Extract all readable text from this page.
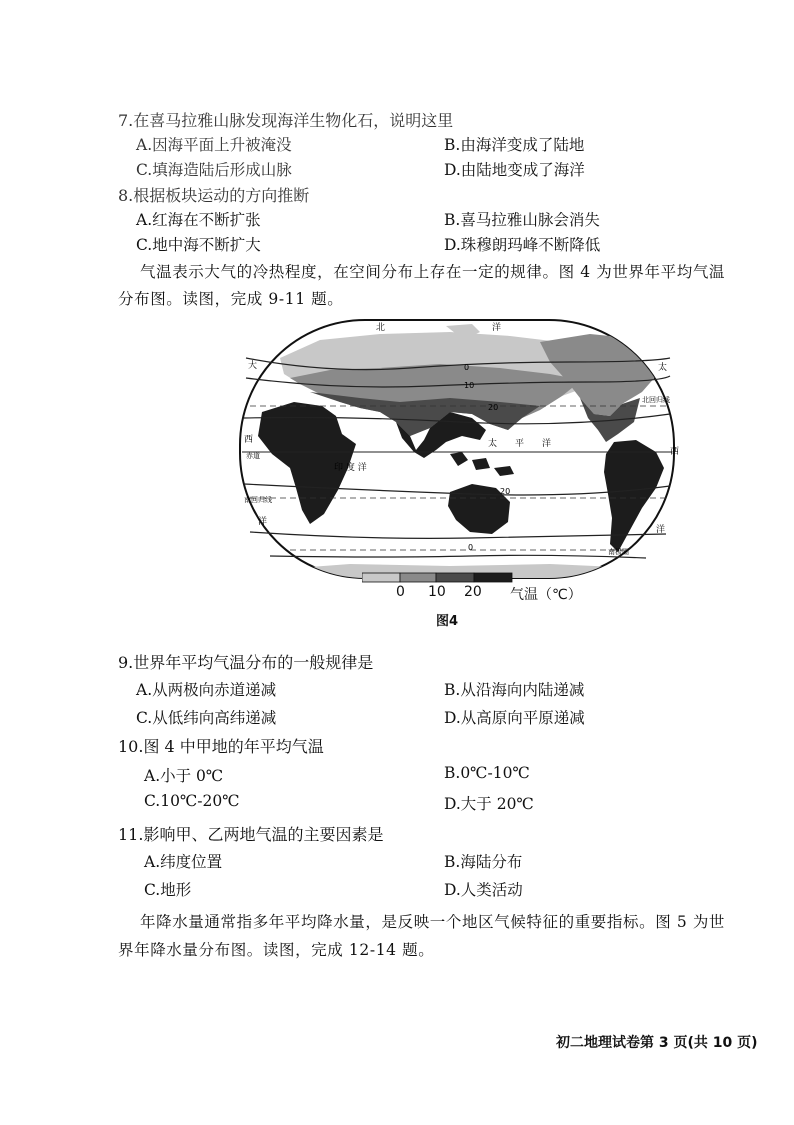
7.在喜马拉雅山脉发现海洋生物化石，说明这里
A.因海平面上升被淹没	B.由海洋变成了陆地
C.填海造陆后形成山脉	D.由陆地变成了海洋
8.根据板块运动的方向推断
A.红海在不断扩张	B.喜马拉雅山脉会消失
C.地中海不断扩大	D.珠穆朗玛峰不断降低
气温表示大气的冷热程度，在空间分布上存在一定的规律。图 4 为世界年平均气温
分布图。读图，完成 9-11 题。
北	洋
大	太
北回归线
西
赤道
太　　平　　洋
西
印 度 洋
南回归线
洋
洋
南极圈
0
10
20
20
0
0 10 20 气温（℃）
图4
9.世界年平均气温分布的一般规律是
A.从两极向赤道递减	B.从沿海向内陆递减
C.从低纬向高纬递减	D.从高原向平原递减
10.图 4 中甲地的年平均气温
A.小于 0℃	B.0℃-10℃
C.10℃-20℃	D.大于 20℃
11.影响甲、乙两地气温的主要因素是
A.纬度位置	B.海陆分布
C.地形	D.人类活动
年降水量通常指多年平均降水量，是反映一个地区气候特征的重要指标。图 5 为世
界年降水量分布图。读图，完成 12-14 题。
初二地理试卷第 3 页(共 10 页)
